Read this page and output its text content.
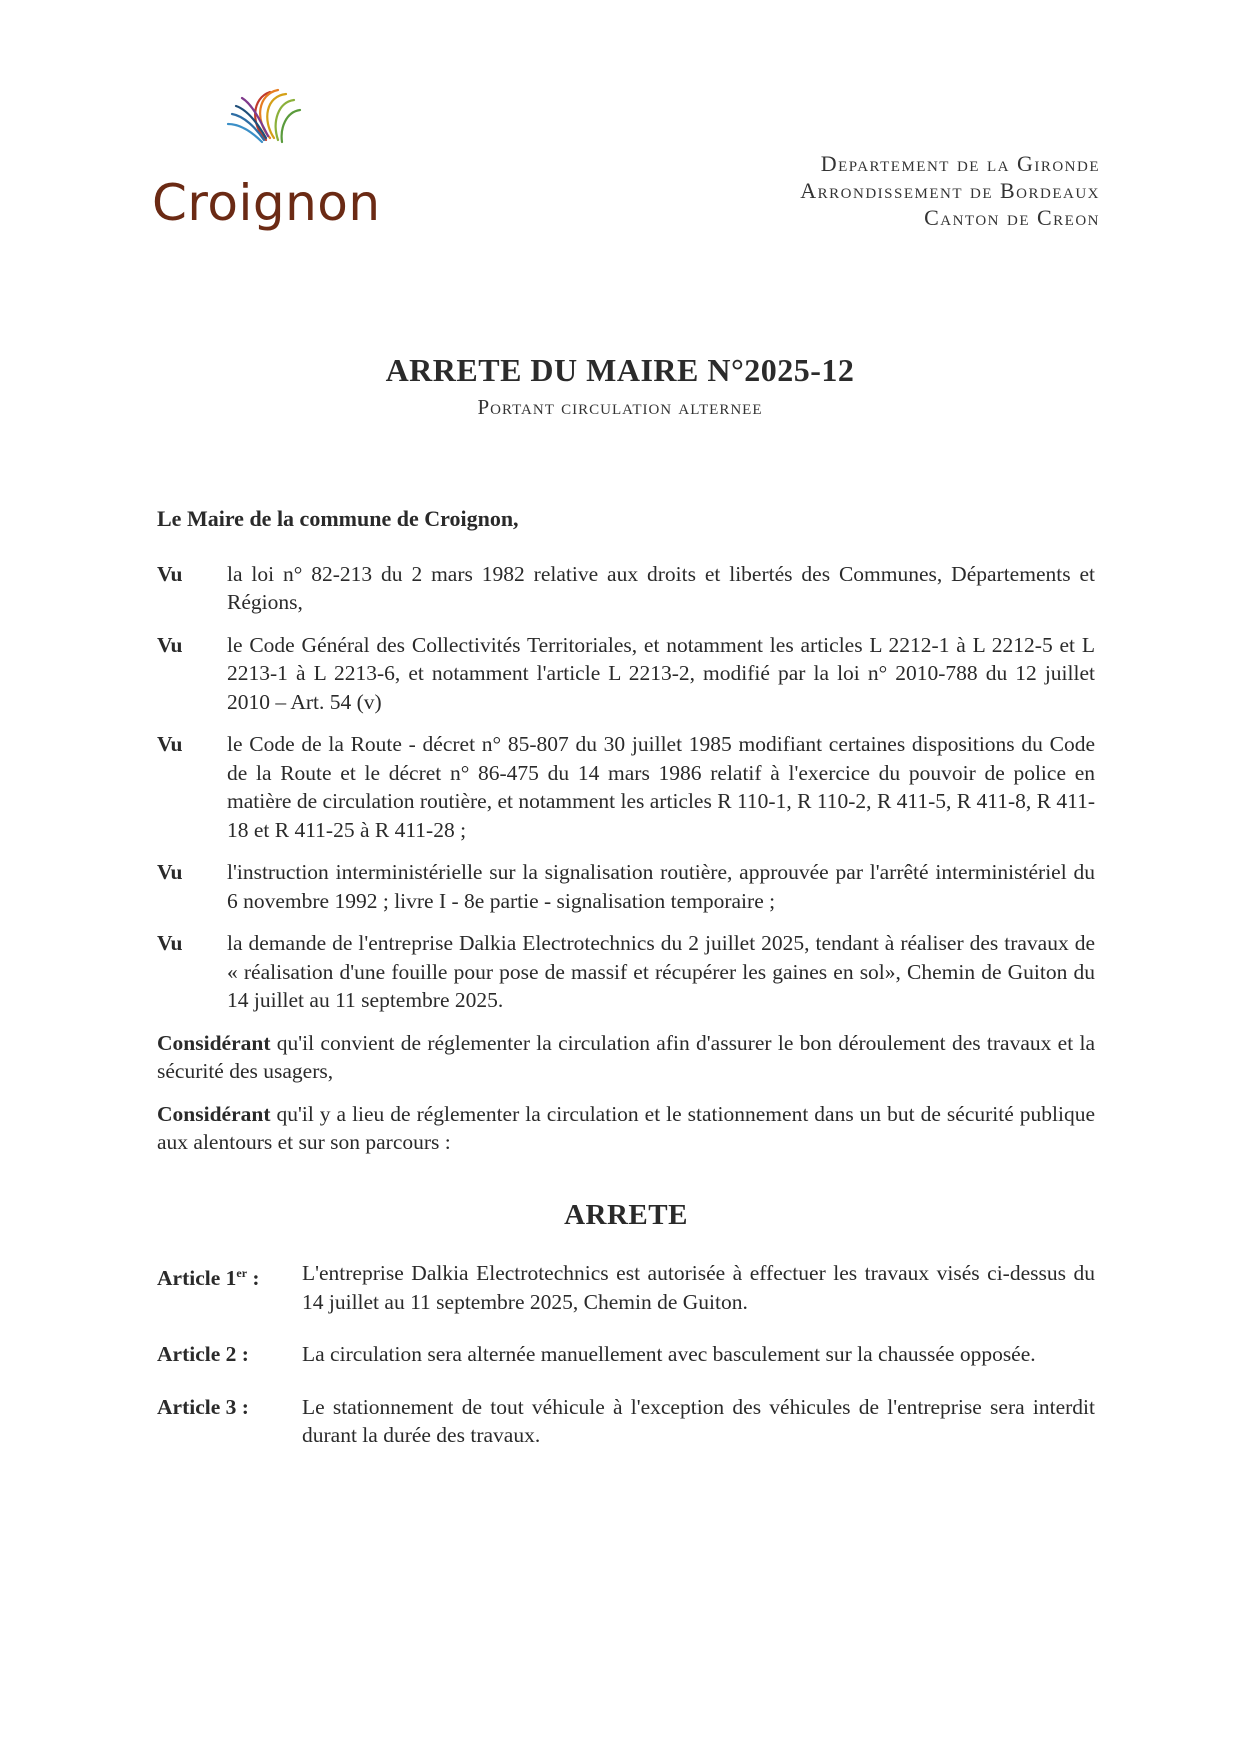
Croignon
Departement de la Gironde
Arrondissement de Bordeaux
Canton de Creon
ARRETE DU MAIRE N°2025-12
Portant circulation alternee
Le Maire de la commune de Croignon,
Vu	la loi n° 82-213 du 2 mars 1982 relative aux droits et libertés des Communes, Départements et Régions,
Vu	le Code Général des Collectivités Territoriales, et notamment les articles L 2212-1 à L 2212-5 et L 2213-1 à L 2213-6, et notamment l'article L 2213-2, modifié par la loi n° 2010-788 du 12 juillet 2010 – Art. 54 (v)
Vu	le Code de la Route - décret n° 85-807 du 30 juillet 1985 modifiant certaines dispositions du Code de la Route et le décret n° 86-475 du 14 mars 1986 relatif à l'exercice du pouvoir de police en matière de circulation routière, et notamment les articles R 110-1, R 110-2, R 411-5, R 411-8, R 411-18 et R 411-25 à R 411-28 ;
Vu	l'instruction interministérielle sur la signalisation routière, approuvée par l'arrêté interministériel du 6 novembre 1992 ; livre I - 8e partie - signalisation temporaire ;
Vu	la demande de l'entreprise Dalkia Electrotechnics du 2 juillet 2025, tendant à réaliser des travaux de « réalisation d'une fouille pour pose de massif et récupérer les gaines en sol», Chemin de Guiton du 14 juillet au 11 septembre 2025.
Considérant qu'il convient de réglementer la circulation afin d'assurer le bon déroulement des travaux et la sécurité des usagers,
Considérant qu'il y a lieu de réglementer la circulation et le stationnement dans un but de sécurité publique aux alentours et sur son parcours :
ARRETE
Article 1er :	L'entreprise Dalkia Electrotechnics est autorisée à effectuer les travaux visés ci-dessus du 14 juillet au 11 septembre 2025, Chemin de Guiton.
Article 2 :	La circulation sera alternée manuellement avec basculement sur la chaussée opposée.
Article 3 :	Le stationnement de tout véhicule à l'exception des véhicules de l'entreprise sera interdit durant la durée des travaux.
